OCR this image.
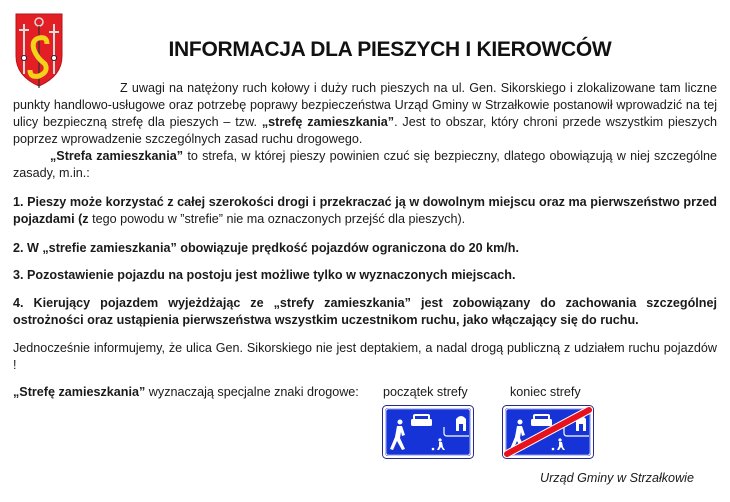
INFORMACJA DLA PIESZYCH I KIEROWCÓW
Z uwagi na natężony ruch kołowy i duży ruch pieszych na ul. Gen. Sikorskiego i zlokalizowane tam liczne punkty handlowo-usługowe oraz potrzebę poprawy bezpieczeństwa Urząd Gminy w Strzałkowie postanowił wprowadzić na tej ulicy bezpieczną strefę dla pieszych – tzw. „strefę zamieszkania”. Jest to obszar, który chroni przede wszystkim pieszych poprzez wprowadzenie szczególnych zasad ruchu drogowego.
„Strefa zamieszkania” to strefa, w której pieszy powinien czuć się bezpieczny, dlatego obowiązują w niej szczególne zasady, m.in.:
1. Pieszy może korzystać z całej szerokości drogi i przekraczać ją w dowolnym miejscu oraz ma pierwszeństwo przed pojazdami (z tego powodu w ”strefie” nie ma oznaczonych przejść dla pieszych).
2. W „strefie zamieszkania” obowiązuje prędkość pojazdów ograniczona do 20 km/h.
3. Pozostawienie pojazdu na postoju jest możliwe tylko w wyznaczonych miejscach.
4. Kierujący pojazdem wyjeżdżając ze „strefy zamieszkania” jest zobowiązany do zachowania szczególnej ostrożności oraz ustąpienia pierwszeństwa wszystkim uczestnikom ruchu, jako włączający się do ruchu.
Jednocześnie informujemy, że ulica Gen. Sikorskiego nie jest deptakiem, a nadal drogą publiczną z udziałem ruchu pojazdów !
„Strefę zamieszkania” wyznaczają specjalne znaki drogowe:	początek strefy	koniec strefy
Urząd Gminy w Strzałkowie
